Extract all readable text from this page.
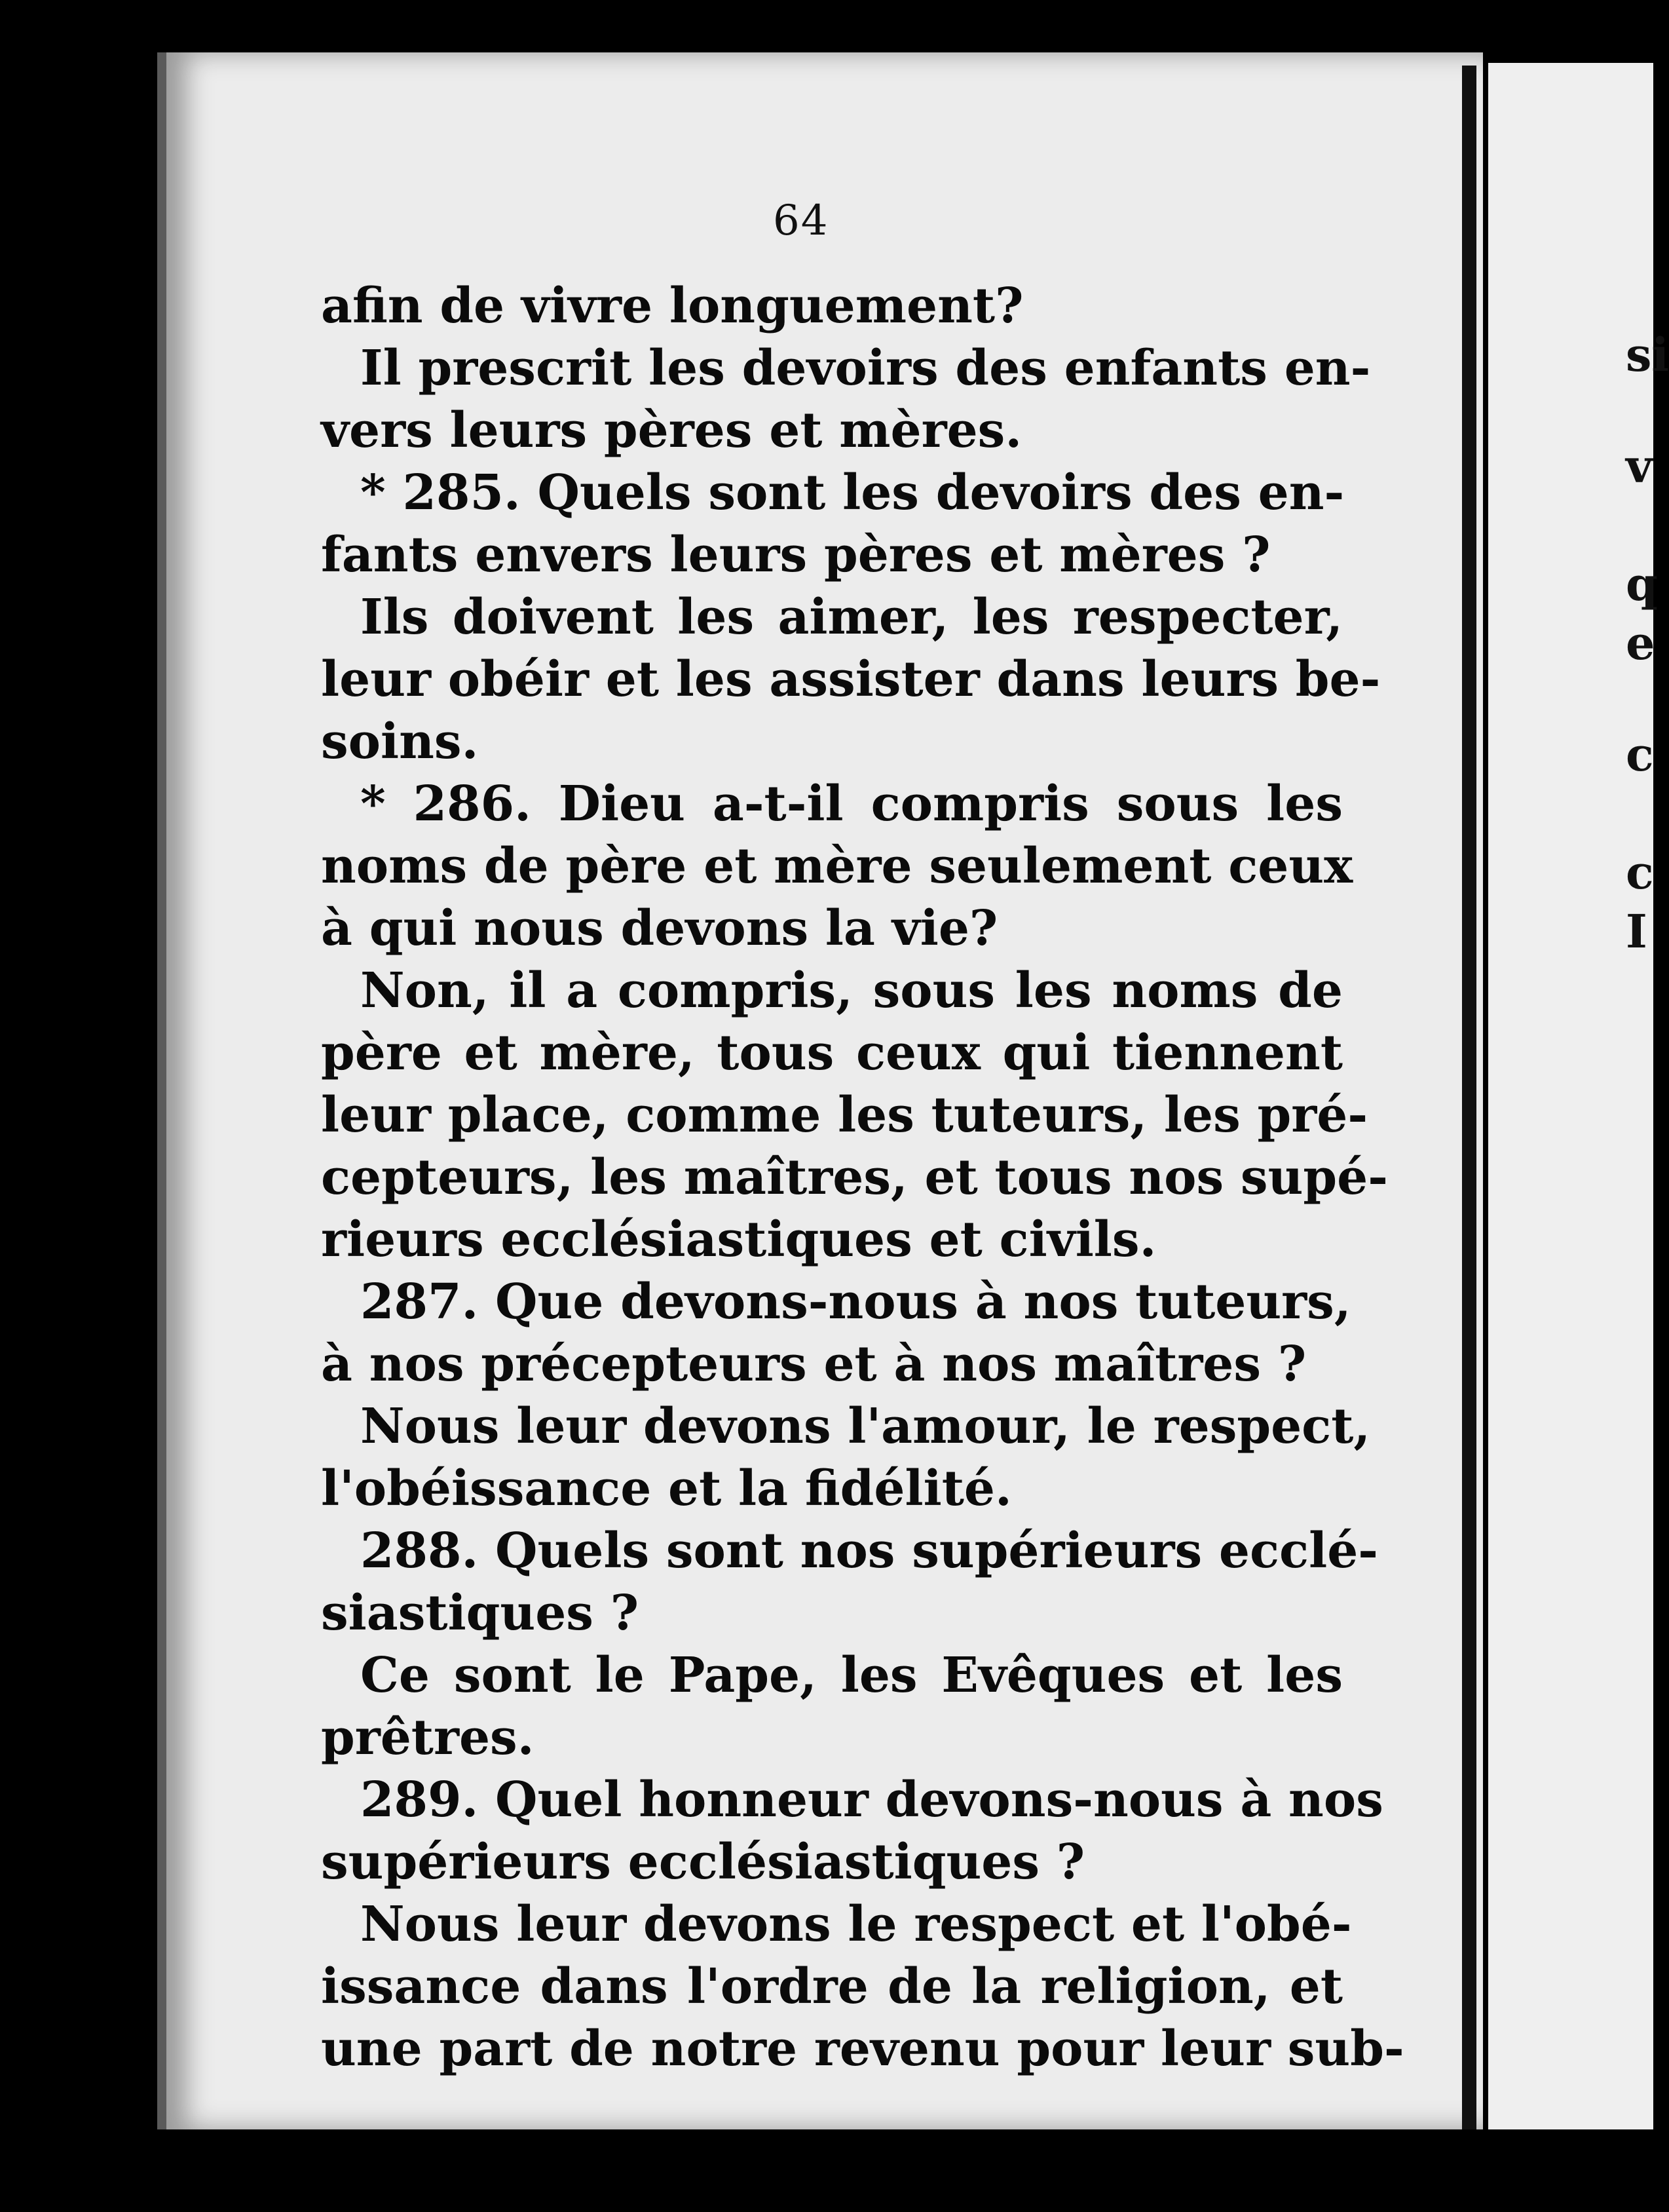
64
afin de vivre longuement?
Il prescrit les devoirs des enfants en-
vers leurs pères et mères.
* 285. Quels sont les devoirs des en-
fants envers leurs pères et mères ?
Ils doivent les aimer, les respecter,
leur obéir et les assister dans leurs be-
soins.
* 286. Dieu a-t-il compris sous les
noms de père et mère seulement ceux
à qui nous devons la vie?
Non, il a compris, sous les noms de
père et mère, tous ceux qui tiennent
leur place, comme les tuteurs, les pré-
cepteurs, les maîtres, et tous nos supé-
rieurs ecclésiastiques et civils.
287. Que devons-nous à nos tuteurs,
à nos précepteurs et à nos maîtres ?
Nous leur devons l'amour, le respect,
l'obéissance et la fidélité.
288. Quels sont nos supérieurs ecclé-
siastiques ?
Ce sont le Pape, les Evêques et les
prêtres.
289. Quel honneur devons-nous à nos
supérieurs ecclésiastiques ?
Nous leur devons le respect et l'obé-
issance dans l'ordre de la religion, et
une part de notre revenu pour leur sub-
si
v
q
e
c
c
I
